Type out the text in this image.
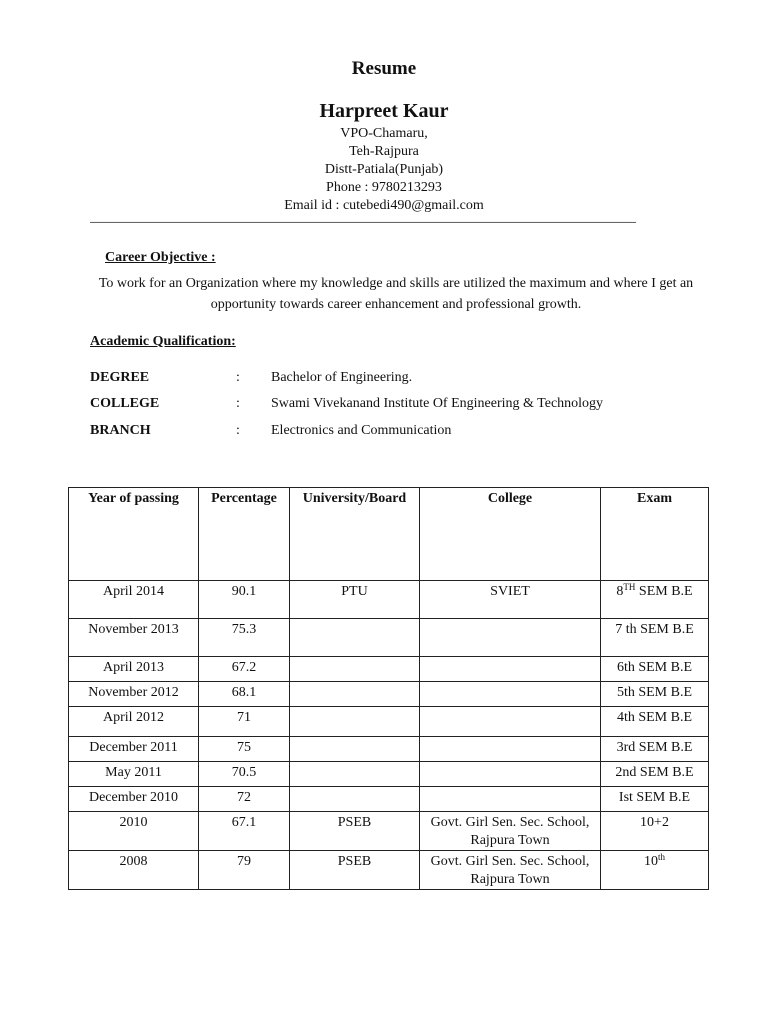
Resume
Harpreet Kaur
VPO-Chamaru,
Teh-Rajpura
Distt-Patiala(Punjab)
Phone : 9780213293
Email id : cutebedi490@gmail.com
______________________________________________________________________________
Career Objective :
To work for an Organization where my knowledge and skills are utilized the maximum and where I get an opportunity towards career enhancement and professional growth.
Academic Qualification:
DEGREE	: Bachelor of Engineering.
COLLEGE	: Swami Vivekanand Institute Of Engineering & Technology
BRANCH	: Electronics and Communication
Year of passing	Percentage	University/Board	College	Exam
April 2014	90.1	PTU	SVIET	8TH SEM B.E
November 2013	75.3			7 th SEM B.E
April 2013	67.2			6th SEM B.E
November 2012	68.1			5th SEM B.E
April 2012	71			4th SEM B.E
December 2011	75			3rd SEM B.E
May 2011	70.5			2nd SEM B.E
December 2010	72			Ist SEM B.E
2010	67.1	PSEB	Govt. Girl Sen. Sec. School, Rajpura Town	10+2
2008	79	PSEB	Govt. Girl Sen. Sec. School, Rajpura Town	10th
